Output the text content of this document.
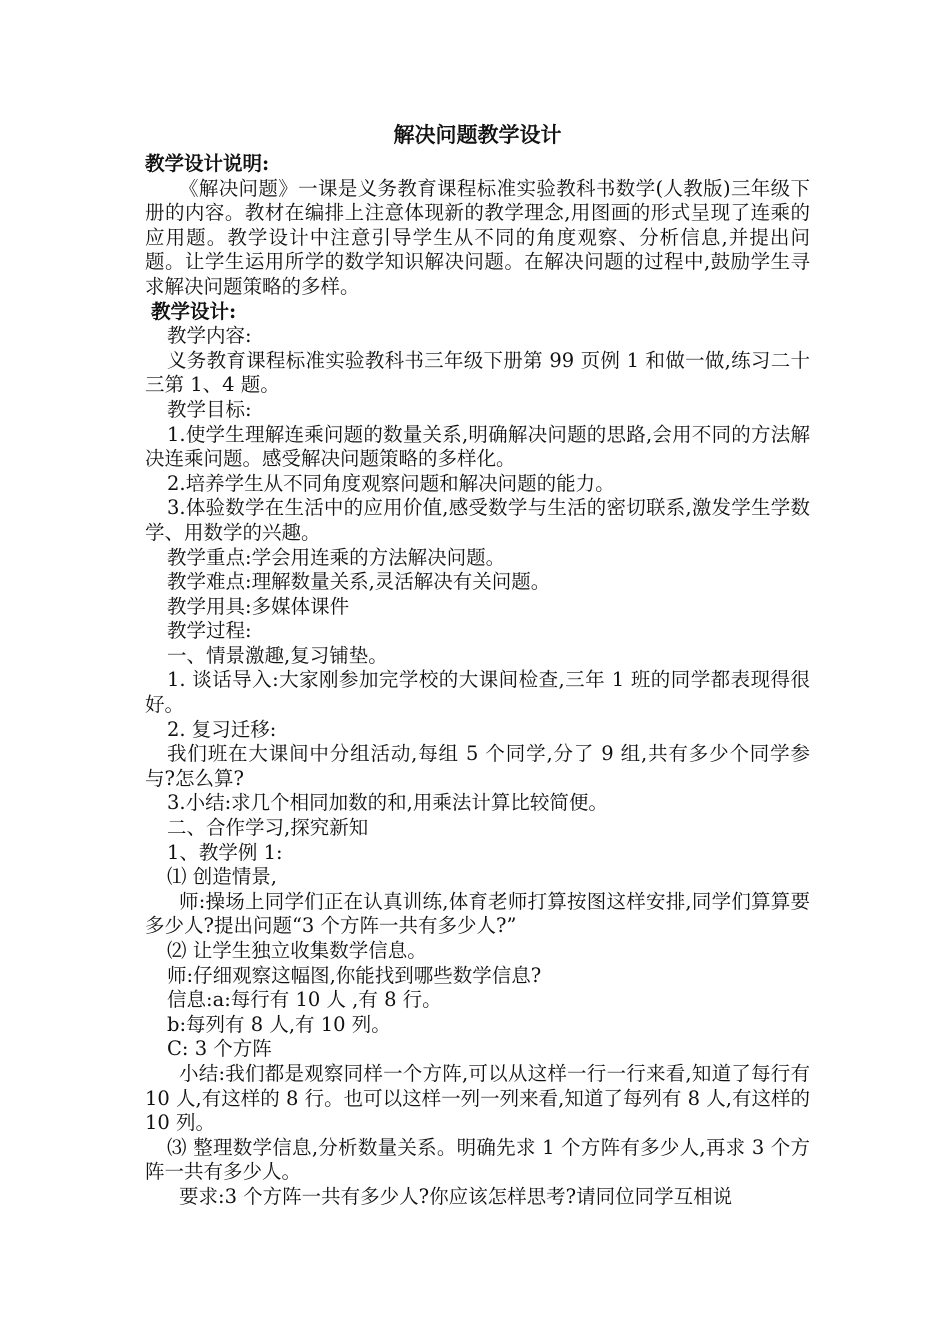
解决问题教学设计

教学设计说明:

《解决问题》一课是义务教育课程标准实验教科书数学(人教版)三年级下册的内容。教材在编排上注意体现新的教学理念,用图画的形式呈现了连乘的应用题。教学设计中注意引导学生从不同的角度观察、分析信息,并提出问题。让学生运用所学的数学知识解决问题。在解决问题的过程中,鼓励学生寻求解决问题策略的多样。

教学设计:

教学内容:

义务教育课程标准实验教科书三年级下册第 99 页例 1 和做一做,练习二十三第 1、4 题。

教学目标:

1.使学生理解连乘问题的数量关系,明确解决问题的思路,会用不同的方法解决连乘问题。感受解决问题策略的多样化。

2.培养学生从不同角度观察问题和解决问题的能力。

3.体验数学在生活中的应用价值,感受数学与生活的密切联系,激发学生学数学、用数学的兴趣。

教学重点:学会用连乘的方法解决问题。

教学难点:理解数量关系,灵活解决有关问题。

教学用具:多媒体课件

教学过程:

一、情景激趣,复习铺垫。

1. 谈话导入:大家刚参加完学校的大课间检查,三年 1 班的同学都表现得很好。

2. 复习迁移:

我们班在大课间中分组活动,每组 5 个同学,分了 9 组,共有多少个同学参与?怎么算?

3.小结:求几个相同加数的和,用乘法计算比较简便。

二、合作学习,探究新知

1、教学例 1:

⑴ 创造情景,

师:操场上同学们正在认真训练,体育老师打算按图这样安排,同学们算算要多少人?提出问题“3 个方阵一共有多少人?”

⑵ 让学生独立收集数学信息。

师:仔细观察这幅图,你能找到哪些数学信息?

信息:a:每行有 10 人 ,有 8 行。

b:每列有 8 人,有 10 列。

C: 3 个方阵

小结:我们都是观察同样一个方阵,可以从这样一行一行来看,知道了每行有 10 人,有这样的 8 行。也可以这样一列一列来看,知道了每列有 8 人,有这样的 10 列。

⑶ 整理数学信息,分析数量关系。明确先求 1 个方阵有多少人,再求 3 个方阵一共有多少人。

要求:3 个方阵一共有多少人?你应该怎样思考?请同位同学互相说
